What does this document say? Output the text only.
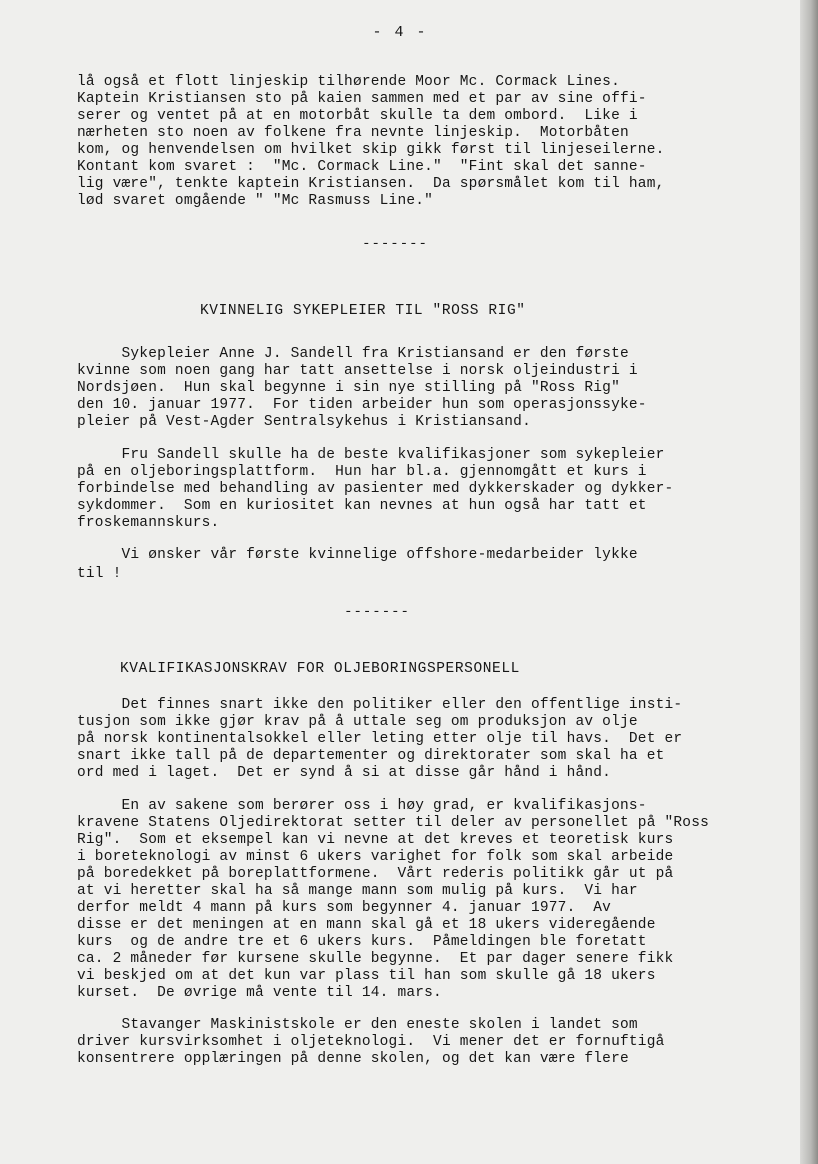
- 4 -
lå også et flott linjeskip tilhørende Moor Mc. Cormack Lines.
Kaptein Kristiansen sto på kaien sammen med et par av sine offi-
serer og ventet på at en motorbåt skulle ta dem ombord.  Like i
nærheten sto noen av folkene fra nevnte linjeskip.  Motorbåten
kom, og henvendelsen om hvilket skip gikk først til linjeseilerne.
Kontant kom svaret :  "Mc. Cormack Line."  "Fint skal det sanne-
lig være", tenkte kaptein Kristiansen.  Da spørsmålet kom til ham,
lød svaret omgående " "Mc Rasmuss Line."
-------
KVINNELIG SYKEPLEIER TIL "ROSS RIG"
Sykepleier Anne J. Sandell fra Kristiansand er den første
kvinne som noen gang har tatt ansettelse i norsk oljeindustri i
Nordsjøen.  Hun skal begynne i sin nye stilling på "Ross Rig"
den 10. januar 1977.  For tiden arbeider hun som operasjonssyke-
pleier på Vest-Agder Sentralsykehus i Kristiansand.
Fru Sandell skulle ha de beste kvalifikasjoner som sykepleier
på en oljeboringsplattform.  Hun har bl.a. gjennomgått et kurs i
forbindelse med behandling av pasienter med dykkerskader og dykker-
sykdommer.  Som en kuriositet kan nevnes at hun også har tatt et
froskemannskurs.
Vi ønsker vår første kvinnelige offshore-medarbeider lykke
til !
-------
KVALIFIKASJONSKRAV FOR OLJEBORINGSPERSONELL
Det finnes snart ikke den politiker eller den offentlige insti-
tusjon som ikke gjør krav på å uttale seg om produksjon av olje
på norsk kontinentalsokkel eller leting etter olje til havs.  Det er
snart ikke tall på de departementer og direktorater som skal ha et
ord med i laget.  Det er synd å si at disse går hånd i hånd.
En av sakene som berører oss i høy grad, er kvalifikasjons-
kravene Statens Oljedirektorat setter til deler av personellet på "Ross
Rig".  Som et eksempel kan vi nevne at det kreves et teoretisk kurs
i boreteknologi av minst 6 ukers varighet for folk som skal arbeide
på boredekket på boreplattformene.  Vårt rederis politikk går ut på
at vi heretter skal ha så mange mann som mulig på kurs.  Vi har
derfor meldt 4 mann på kurs som begynner 4. januar 1977.  Av
disse er det meningen at en mann skal gå et 18 ukers videregående
kurs  og de andre tre et 6 ukers kurs.  Påmeldingen ble foretatt
ca. 2 måneder før kursene skulle begynne.  Et par dager senere fikk
vi beskjed om at det kun var plass til han som skulle gå 18 ukers
kurset.  De øvrige må vente til 14. mars.
Stavanger Maskinistskole er den eneste skolen i landet som
driver kursvirksomhet i oljeteknologi.  Vi mener det er fornuftigå
konsentrere opplæringen på denne skolen, og det kan være flere
